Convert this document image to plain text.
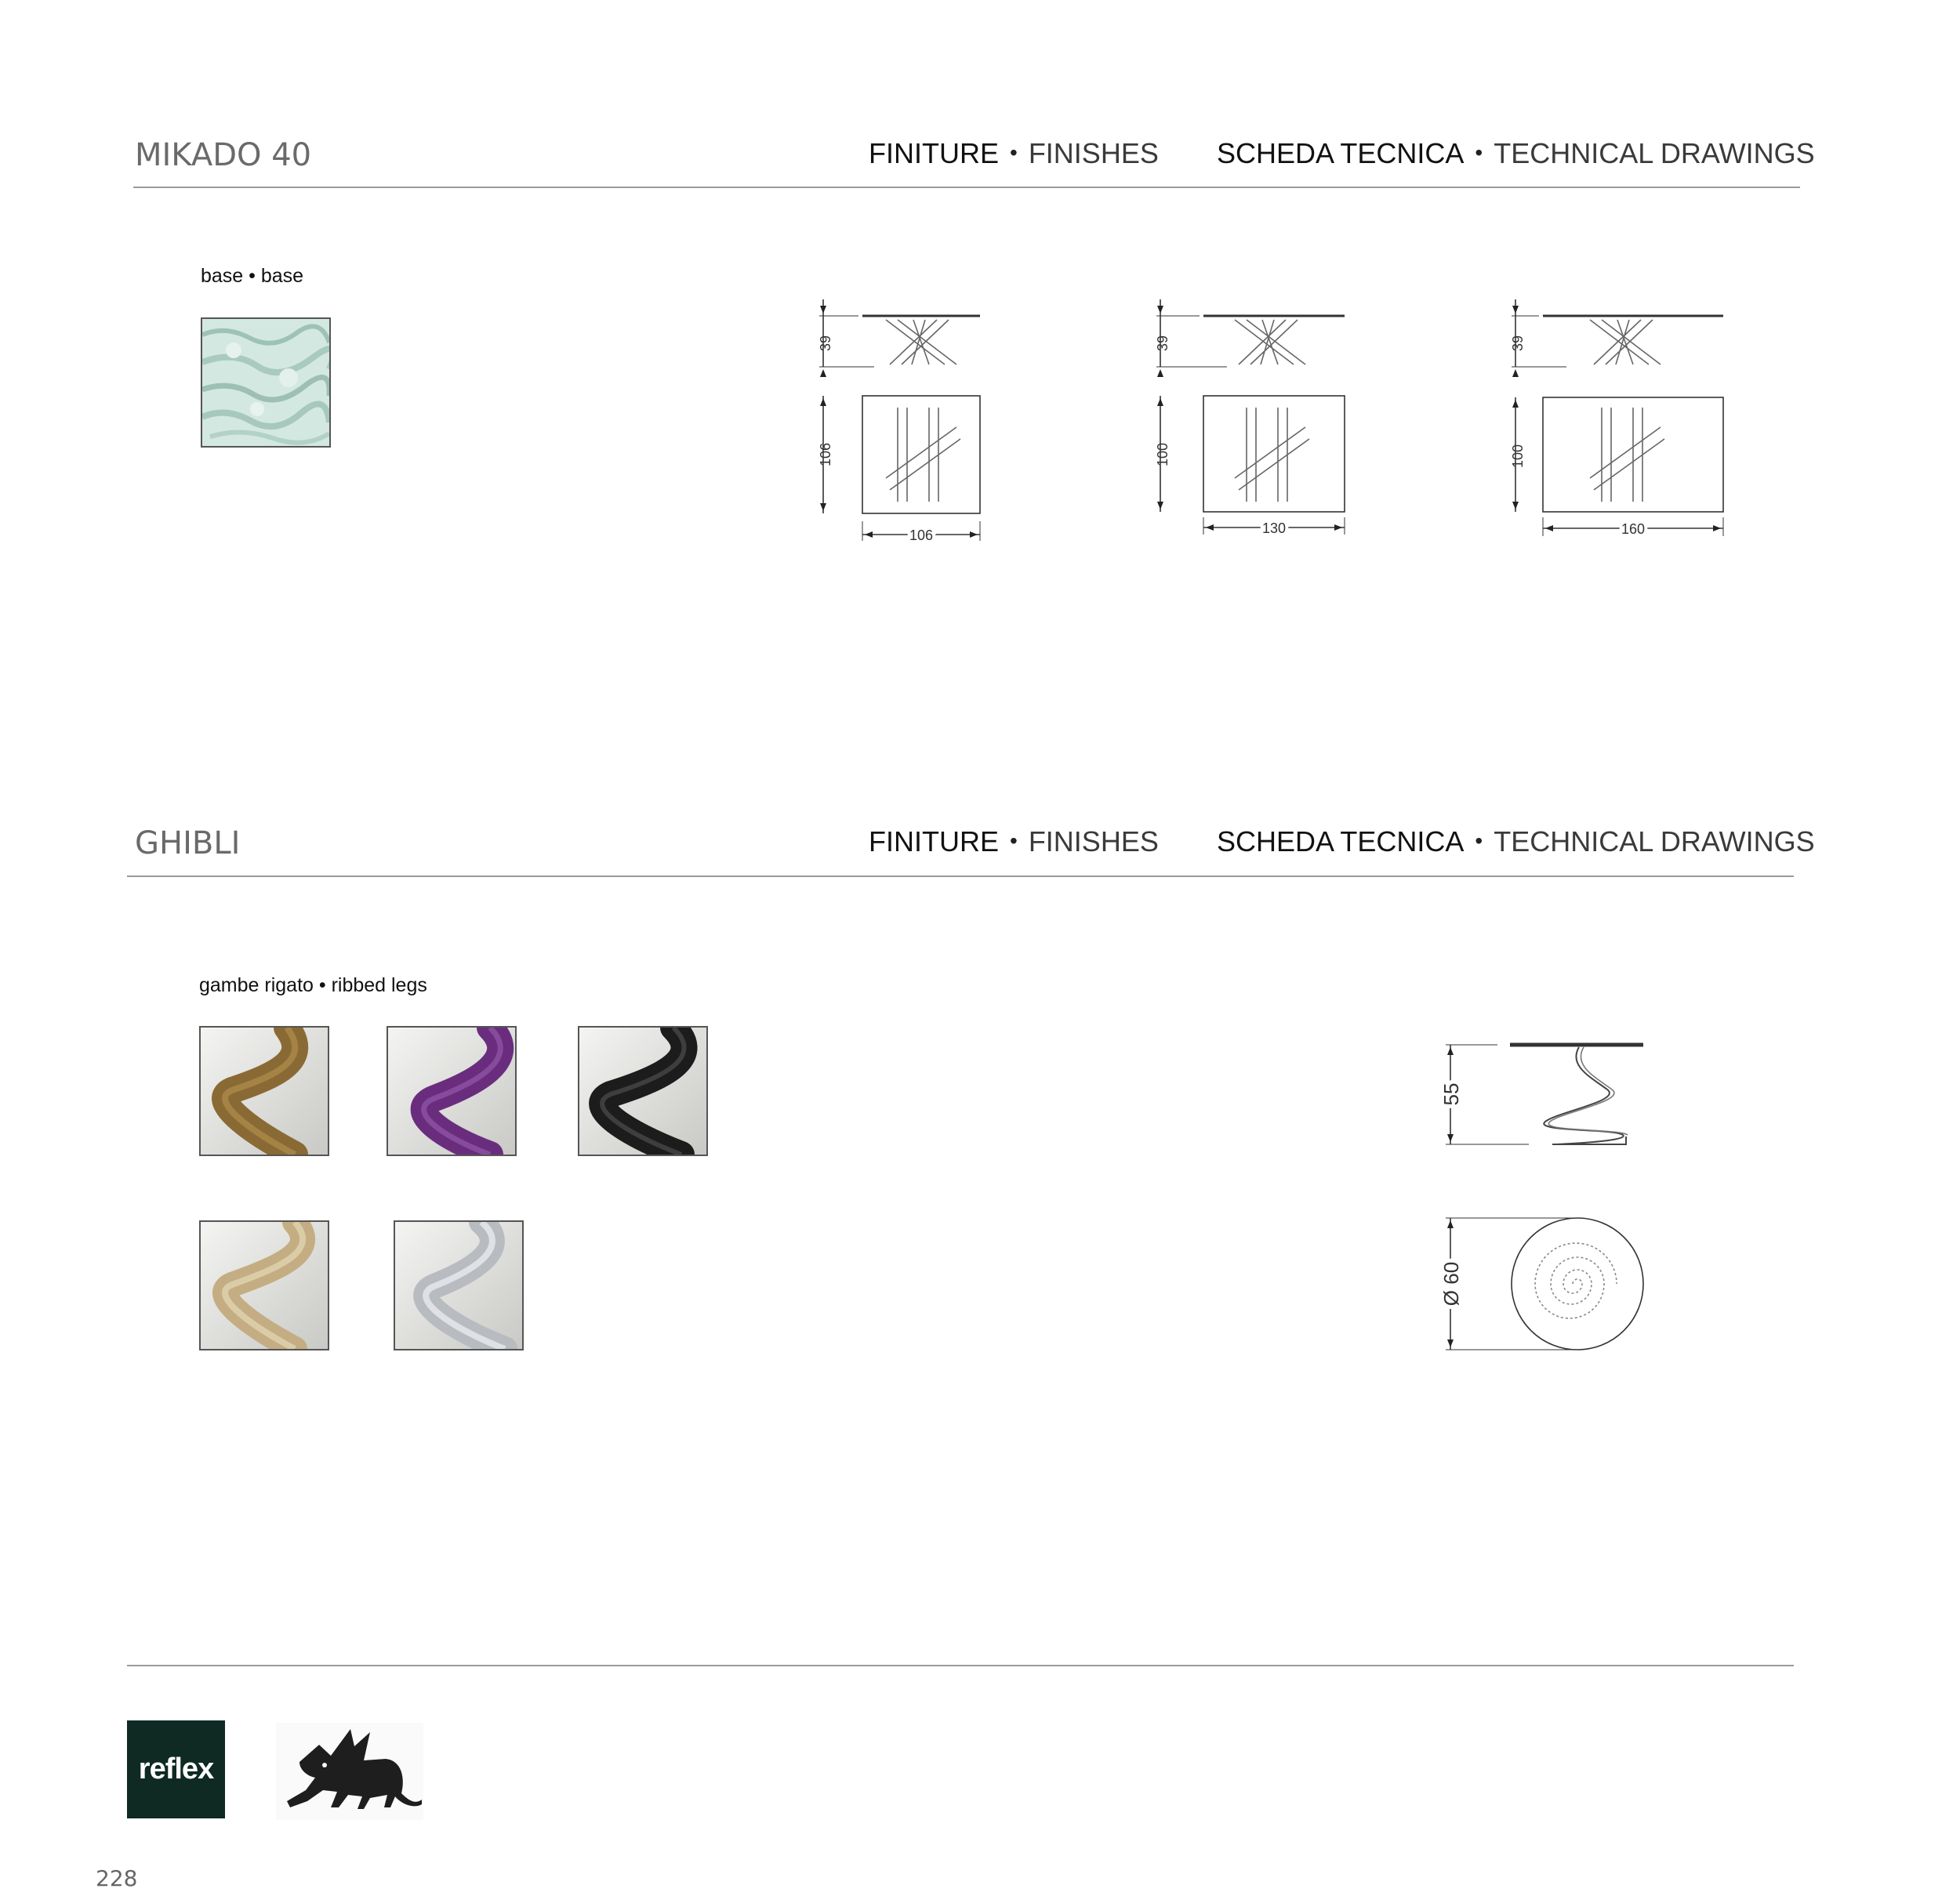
MIKADO 40	FINITURE • FINISHES SCHEDA TECNICA • TECHNICAL DRAWINGS
base • base
39
106
106
39
100
130
39
100
160
GHIBLI	FINITURE • FINISHES SCHEDA TECNICA • TECHNICAL DRAWINGS
gambe rigato • ribbed legs
55
Ø 60
reflex
228
